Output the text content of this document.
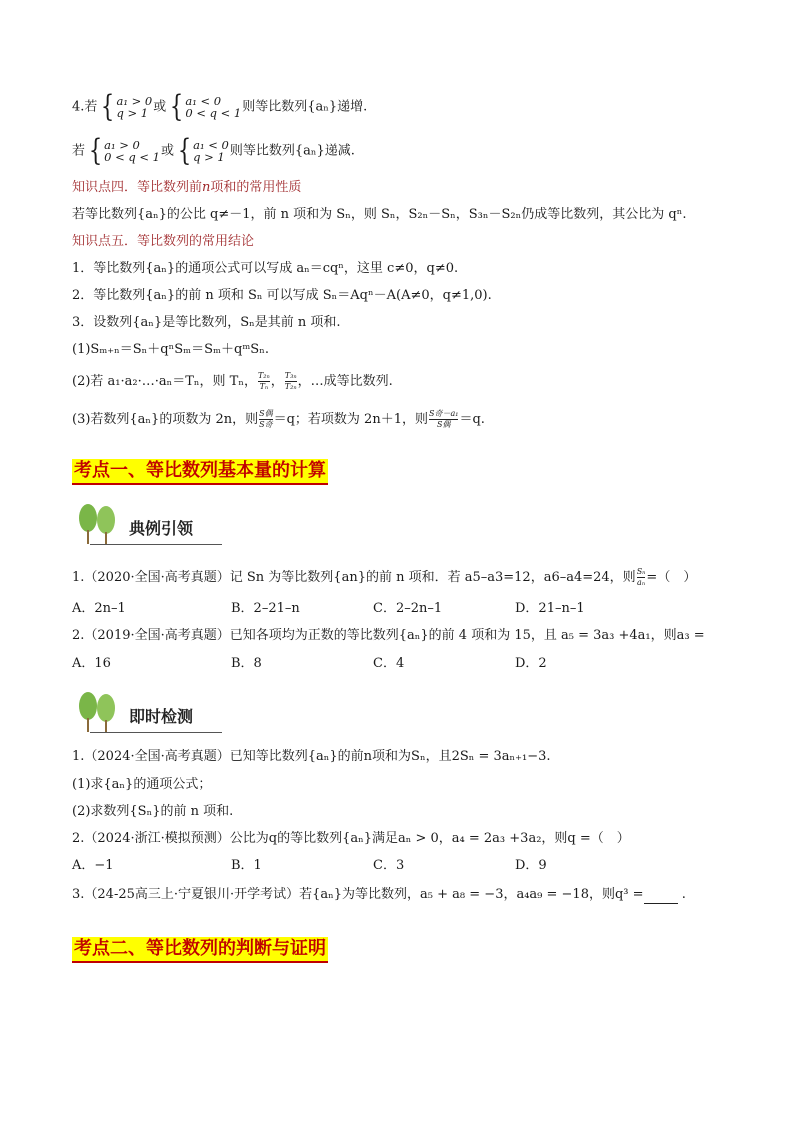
4.若 { a₁ > 0
q > 1 或 { a₁ < 0
0 < q < 1 则等比数列{aₙ}递增.
若 { a₁ > 0
0 < q < 1 或 { a₁ < 0
q > 1 则等比数列{aₙ}递减.
知识点四．等比数列前n项和的常用性质
若等比数列{aₙ}的公比 q≠－1，前 n 项和为 Sₙ，则 Sₙ，S₂ₙ－Sₙ，S₃ₙ－S₂ₙ仍成等比数列，其公比为 qⁿ.
知识点五．等比数列的常用结论
1．等比数列{aₙ}的通项公式可以写成 aₙ＝cqⁿ，这里 c≠0，q≠0.
2．等比数列{aₙ}的前 n 项和 Sₙ 可以写成 Sₙ＝Aqⁿ－A(A≠0，q≠1,0).
3．设数列{aₙ}是等比数列，Sₙ是其前 n 项和.
(1)Sₘ₊ₙ＝Sₙ＋qⁿSₘ＝Sₘ＋qᵐSₙ.
(2)若 a₁·a₂·…·aₙ＝Tₙ，则 Tₙ， $\frac{\text{T₂ₙ}}{\text{Tₙ}}$ ， $\frac{\text{T₃ₙ}}{\text{T₂ₙ}}$ ，…成等比数列.
(3)若数列{aₙ}的项数为 2n，则 $\frac{\text{S偶}}{\text{S奇}} =q$；若项数为 2n＋1，则 $\frac{\text{S奇－a₁}}{\text{S偶}} =q$.
考点一、等比数列基本量的计算
典例引领
1.（2020·全国·高考真题）记 Sn 为等比数列{an}的前 n 项和．若 a5–a3=12，a6–a4=24，则 $\frac{\text{Sₙ}}{\text{aₙ}}$ =（　）
A．2n–1	B．2–21–n	C．2–2n–1	D．21–n–1
2.（2019·全国·高考真题）已知各项均为正数的等比数列{aₙ}的前 4 项和为 15，且 a₅ = 3a₃ +4a₁，则a₃ =
A．16	B．8	C．4	D．2
即时检测
1.（2024·全国·高考真题）已知等比数列{aₙ}的前n项和为Sₙ，且2Sₙ = 3aₙ₊₁−3.
(1)求{aₙ}的通项公式；
(2)求数列{Sₙ}的前 n 项和.
2.（2024·浙江·模拟预测）公比为q的等比数列{aₙ}满足aₙ > 0，a₄ = 2a₃ +3a₂，则q =（　）
A．−1	B．1	C．3	D．9
3.（24-25高三上·宁夏银川·开学考试）若{aₙ}为等比数列，a₅ + a₈ = −3，a₄a₉ = −18，则q³ =	.
考点二、等比数列的判断与证明
